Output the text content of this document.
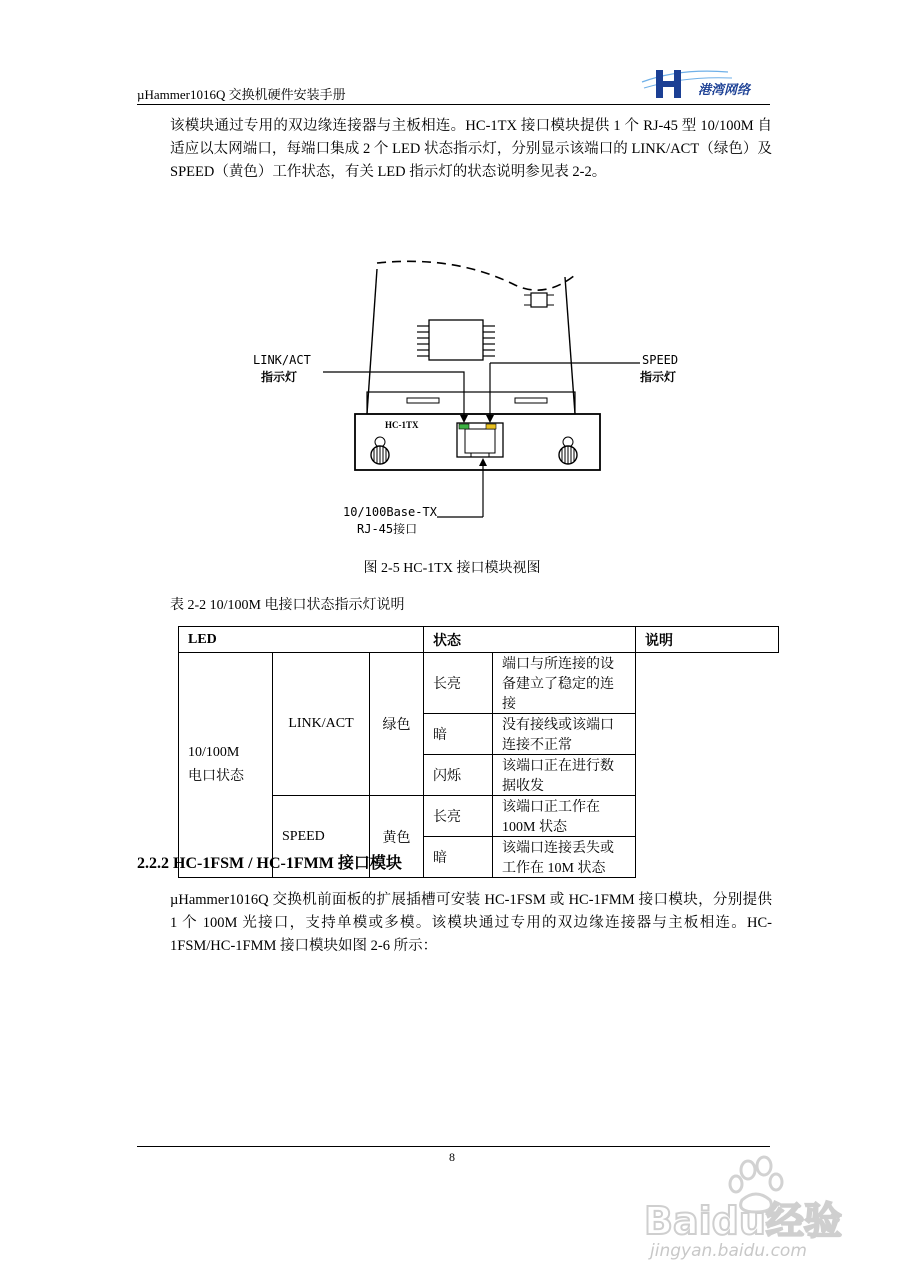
µHammer1016Q 交换机硬件安装手册	港湾网络

该模块通过专用的双边缘连接器与主板相连。HC-1TX 接口模块提供 1 个 RJ-45 型 10/100M 自适应以太网端口，每端口集成 2 个 LED 状态指示灯，分别显示该端口的 LINK/ACT（绿色）及 SPEED（黄色）工作状态，有关 LED 指示灯的状态说明参见表 2-2。

HC-1TX
LINK/ACT
指示灯
SPEED
指示灯
10/100Base-TX
RJ-45接口
图 2-5 HC-1TX 接口模块视图
表 2-2 10/100M 电接口状态指示灯说明
LED			状态		说明
10/100M
电口状态	LINK/ACT	绿色	长亮	端口与所连接的设备建立了稳定的连接	
			暗	没有接线或该端口连接不正常	
			闪烁	该端口正在进行数据收发	
	SPEED	黄色	长亮	该端口正工作在 100M 状态	
			暗	该端口连接丢失或工作在 10M 状态	
2.2.2 HC-1FSM / HC-1FMM 接口模块

µHammer1016Q 交换机前面板的扩展插槽可安装 HC-1FSM 或 HC-1FMM 接口模块，分别提供 1 个 100M 光接口，支持单模或多模。该模块通过专用的双边缘连接器与主板相连。HC-1FSM/HC-1FMM 接口模块如图 2-6 所示：

8
Baidu经验
jingyan.baidu.com
